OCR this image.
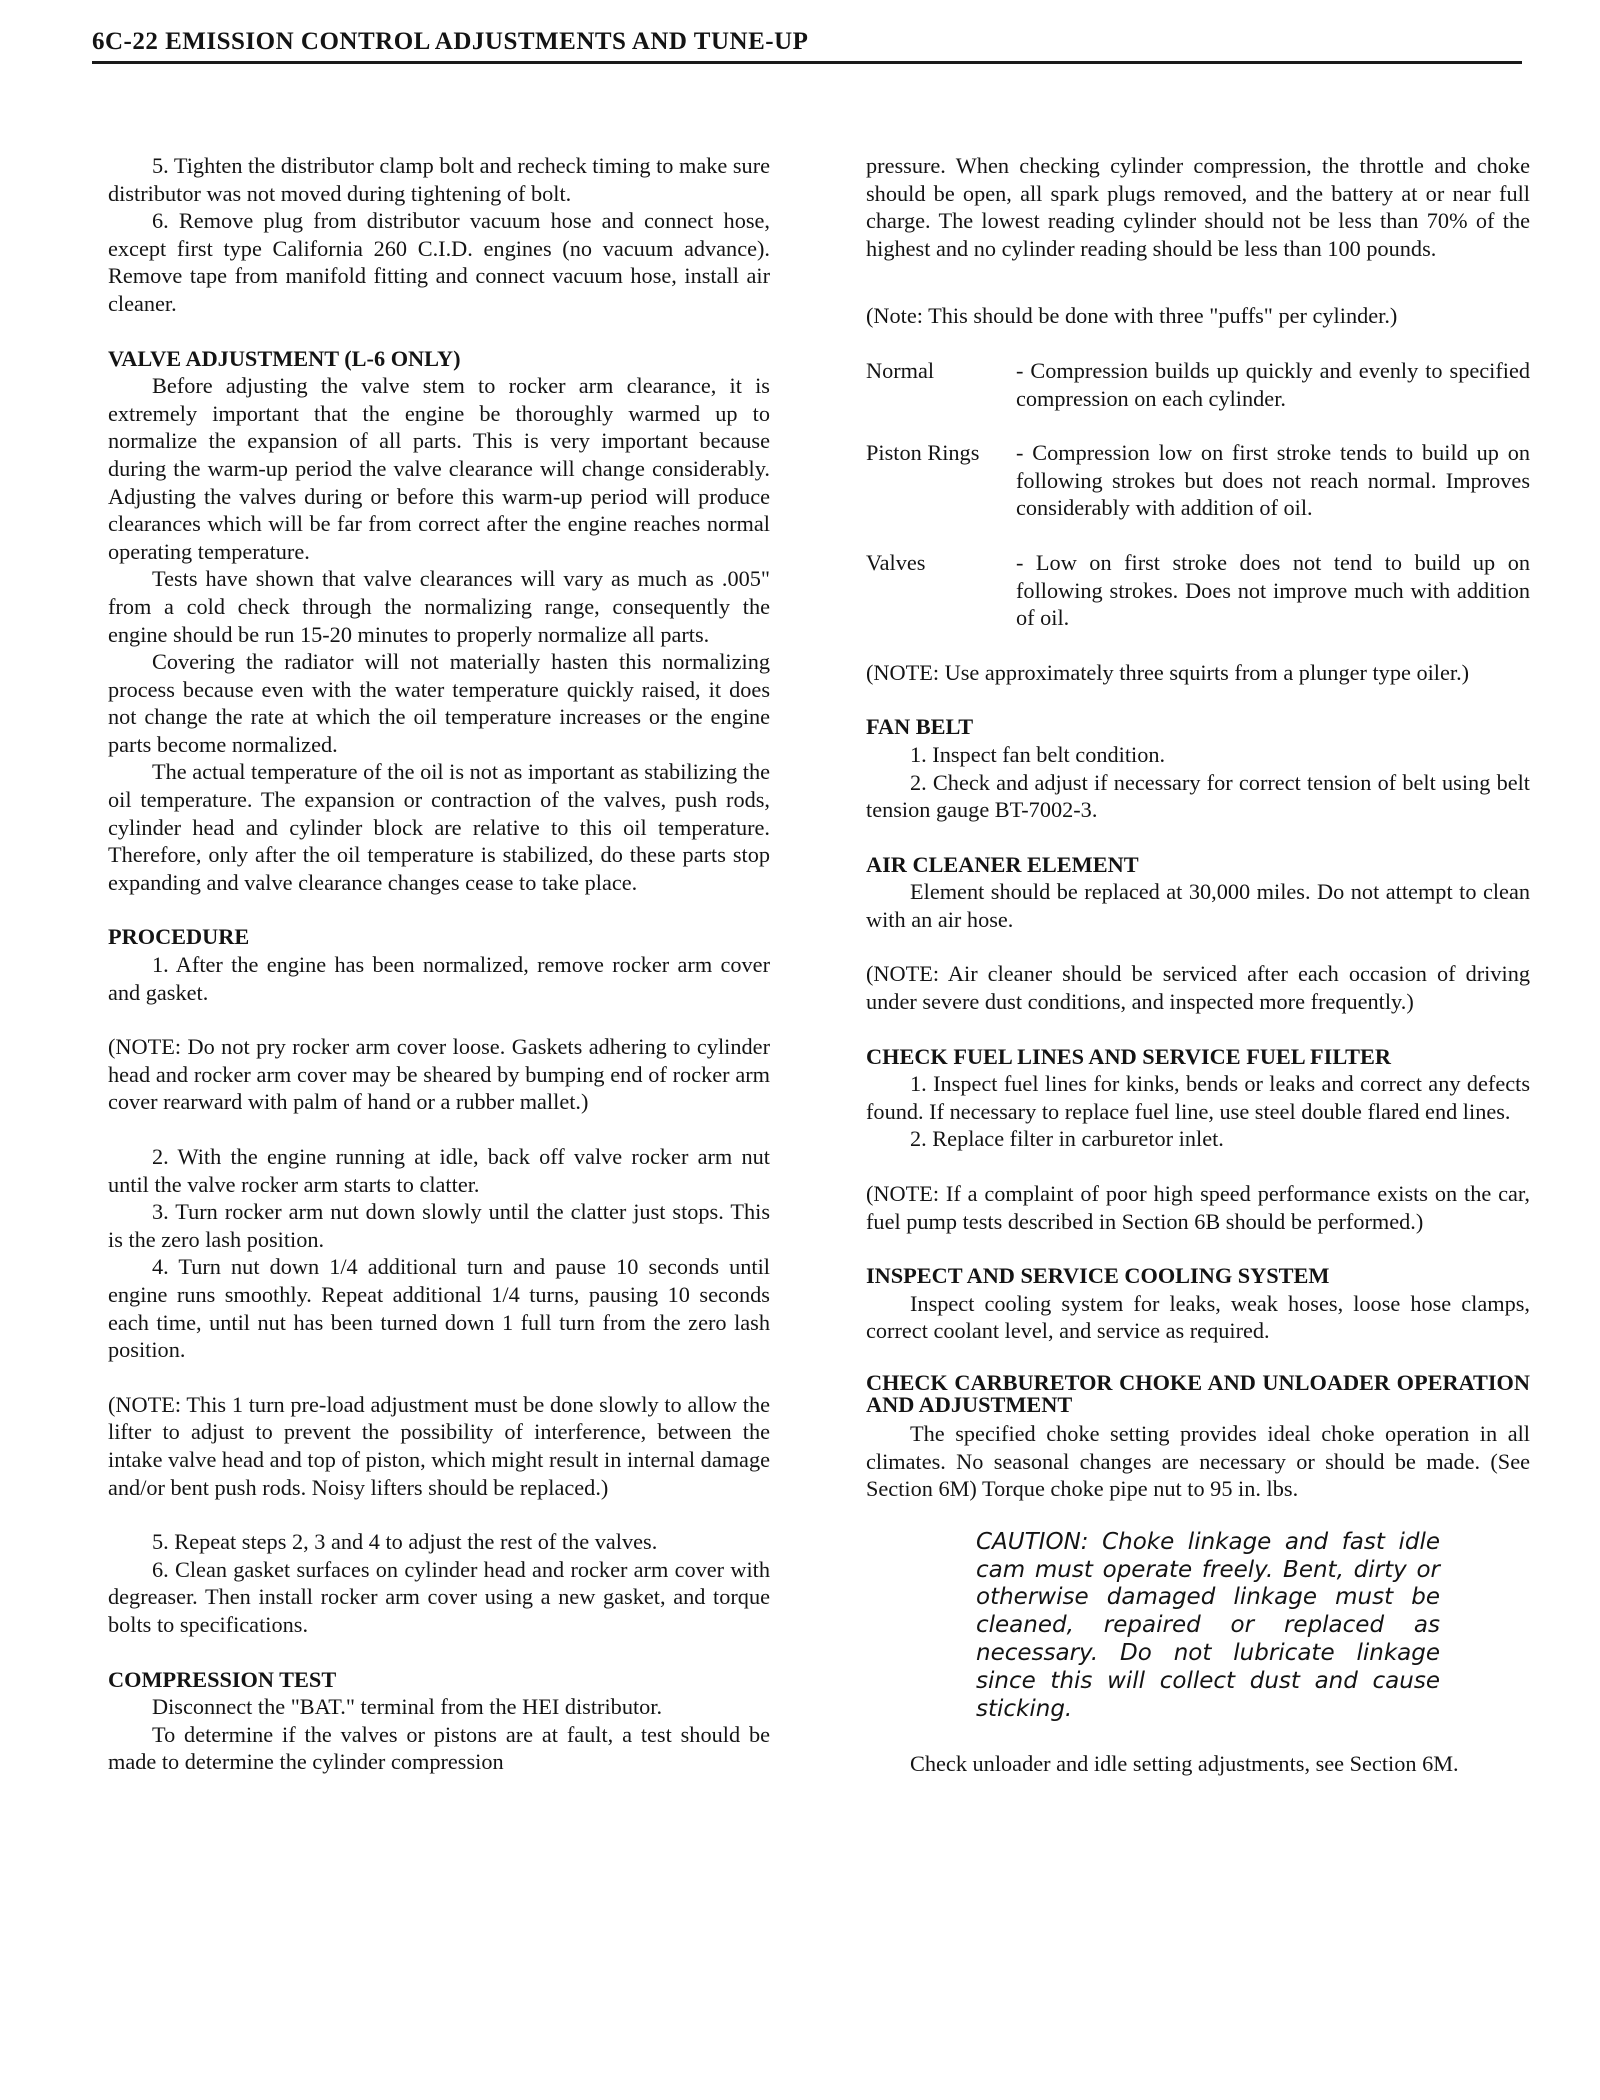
6C-22 EMISSION CONTROL ADJUSTMENTS AND TUNE-UP

5. Tighten the distributor clamp bolt and recheck timing to make sure distributor was not moved during tightening of bolt.

6. Remove plug from distributor vacuum hose and connect hose, except first type California 260 C.I.D. engines (no vacuum advance). Remove tape from manifold fitting and connect vacuum hose, install air cleaner.

VALVE ADJUSTMENT (L-6 ONLY)

Before adjusting the valve stem to rocker arm clearance, it is extremely important that the engine be thoroughly warmed up to normalize the expansion of all parts. This is very important because during the warm-up period the valve clearance will change considerably. Adjusting the valves during or before this warm-up period will produce clearances which will be far from correct after the engine reaches normal operating temperature.

Tests have shown that valve clearances will vary as much as .005" from a cold check through the normalizing range, consequently the engine should be run 15-20 minutes to properly normalize all parts.

Covering the radiator will not materially hasten this normalizing process because even with the water temperature quickly raised, it does not change the rate at which the oil temperature increases or the engine parts become normalized.

The actual temperature of the oil is not as important as stabilizing the oil temperature. The expansion or contraction of the valves, push rods, cylinder head and cylinder block are relative to this oil temperature. Therefore, only after the oil temperature is stabilized, do these parts stop expanding and valve clearance changes cease to take place.

PROCEDURE

1. After the engine has been normalized, remove rocker arm cover and gasket.

(NOTE: Do not pry rocker arm cover loose. Gaskets adhering to cylinder head and rocker arm cover may be sheared by bumping end of rocker arm cover rearward with palm of hand or a rubber mallet.)

2. With the engine running at idle, back off valve rocker arm nut until the valve rocker arm starts to clatter.

3. Turn rocker arm nut down slowly until the clatter just stops. This is the zero lash position.

4. Turn nut down 1/4 additional turn and pause 10 seconds until engine runs smoothly. Repeat additional 1/4 turns, pausing 10 seconds each time, until nut has been turned down 1 full turn from the zero lash position.

(NOTE: This 1 turn pre-load adjustment must be done slowly to allow the lifter to adjust to prevent the possibility of interference, between the intake valve head and top of piston, which might result in internal damage and/or bent push rods. Noisy lifters should be replaced.)

5. Repeat steps 2, 3 and 4 to adjust the rest of the valves.

6. Clean gasket surfaces on cylinder head and rocker arm cover with degreaser. Then install rocker arm cover using a new gasket, and torque bolts to specifications.

COMPRESSION TEST

Disconnect the "BAT." terminal from the HEI distributor.

To determine if the valves or pistons are at fault, a test should be made to determine the cylinder compression

pressure. When checking cylinder compression, the throttle and choke should be open, all spark plugs removed, and the battery at or near full charge. The lowest reading cylinder should not be less than 70% of the highest and no cylinder reading should be less than 100 pounds.

(Note: This should be done with three "puffs" per cylinder.)

Normal	- Compression builds up quickly and evenly to specified compression on each cylinder.
Piston Rings	- Compression low on first stroke tends to build up on following strokes but does not reach normal. Improves considerably with addition of oil.
Valves	- Low on first stroke does not tend to build up on following strokes. Does not improve much with addition of oil.

(NOTE: Use approximately three squirts from a plunger type oiler.)

FAN BELT

1. Inspect fan belt condition.

2. Check and adjust if necessary for correct tension of belt using belt tension gauge BT-7002-3.

AIR CLEANER ELEMENT

Element should be replaced at 30,000 miles. Do not attempt to clean with an air hose.

(NOTE: Air cleaner should be serviced after each occasion of driving under severe dust conditions, and inspected more frequently.)

CHECK FUEL LINES AND SERVICE FUEL FILTER

1. Inspect fuel lines for kinks, bends or leaks and correct any defects found. If necessary to replace fuel line, use steel double flared end lines.

2. Replace filter in carburetor inlet.

(NOTE: If a complaint of poor high speed performance exists on the car, fuel pump tests described in Section 6B should be performed.)

INSPECT AND SERVICE COOLING SYSTEM

Inspect cooling system for leaks, weak hoses, loose hose clamps, correct coolant level, and service as required.

CHECK CARBURETOR CHOKE AND UNLOADER OPERATION AND ADJUSTMENT

The specified choke setting provides ideal choke operation in all climates. No seasonal changes are necessary or should be made. (See Section 6M) Torque choke pipe nut to 95 in. lbs.

CAUTION: Choke linkage and fast idle cam must operate freely. Bent, dirty or otherwise damaged linkage must be cleaned, repaired or replaced as necessary. Do not lubricate linkage since this will collect dust and cause sticking.

Check unloader and idle setting adjustments, see Section 6M.
